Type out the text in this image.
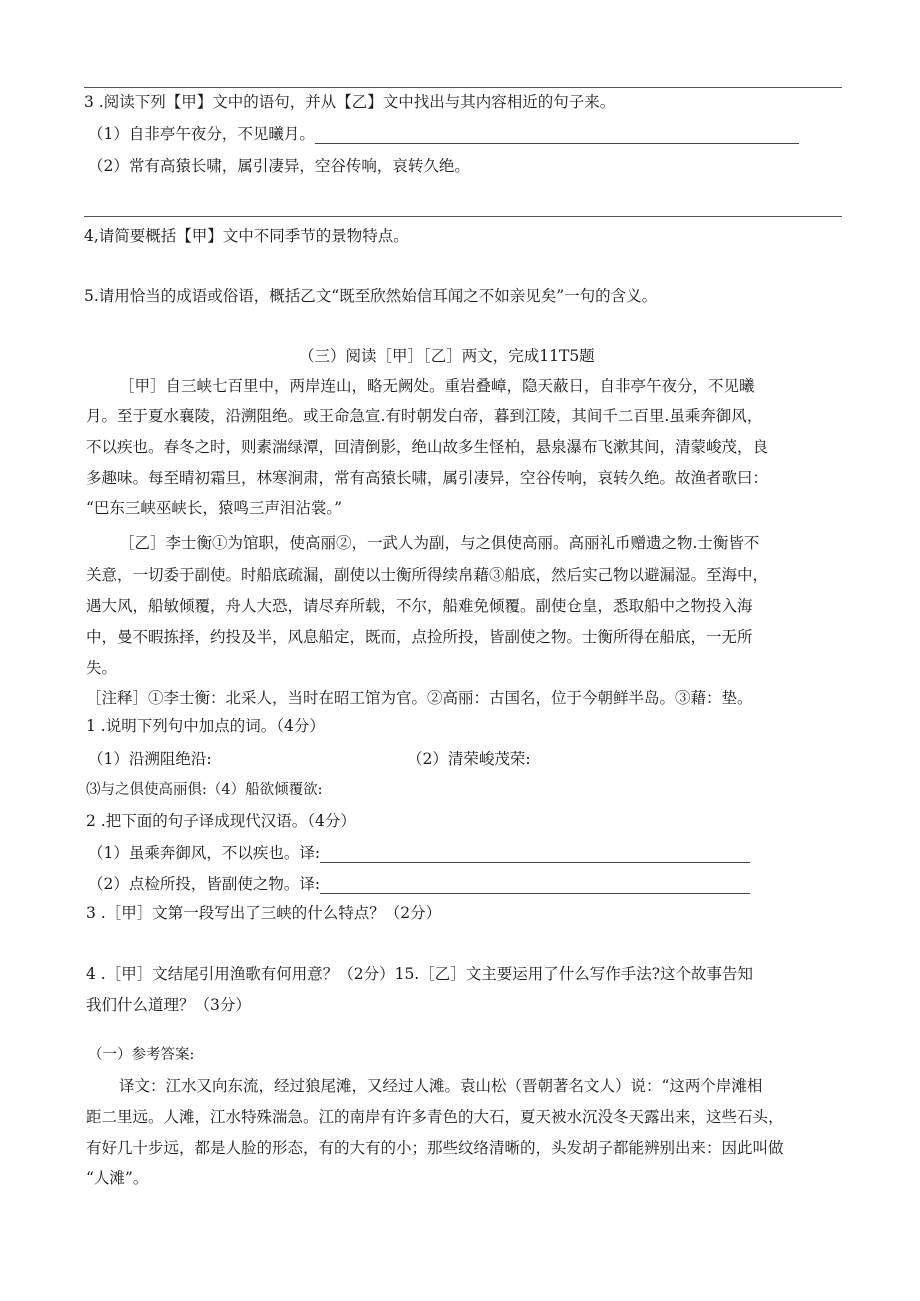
3 .阅读下列【甲】文中的语句，并从【乙】文中找出与其内容相近的句子来。
（1）自非亭午夜分，不见曦月。
（2）常有高猿长啸，属引凄异，空谷传响，哀转久绝。
4,请简要概括【甲】文中不同季节的景物特点。
5.请用恰当的成语或俗语，概括乙文“既至欣然始信耳闻之不如亲见矣”一句的含义。
（三）阅读［甲］［乙］两文，完成11T5题
［甲］自三峡七百里中，两岸连山，略无阙处。重岩叠嶂，隐天蔽日，自非亭午夜分，不见曦
月。至于夏水襄陵，沿溯阻绝。或王命急宣.有时朝发白帝，暮到江陵，其间千二百里.虽乘奔御风，
不以疾也。春冬之时，则素湍绿潭，回清倒影，绝山故多生怪柏，悬泉瀑布飞漱其间，清蒙峻茂，良
多趣味。每至晴初霜旦，林寒涧肃，常有高猿长啸，属引凄异，空谷传响，哀转久绝。故渔者歌曰：
“巴东三峡巫峡长，猿鸣三声泪沾裳。”
［乙］李士衡①为馆职，使高丽②，一武人为副，与之俱使高丽。高丽礼币赠遗之物.士衡皆不
关意，一切委于副使。时船底疏漏，副使以士衡所得续帛藉③船底，然后实己物以避漏湿。至海中，
遇大风，船敏倾覆，舟人大恐，请尽弃所载，不尔，船难免倾覆。副使仓皇，悉取船中之物投入海
中，曼不暇拣择，约投及半，风息船定，既而，点捡所投，皆副使之物。士衡所得在船底，一无所
失。
［注释］①李士衡：北采人，当时在昭工馆为官。②高丽：古国名，位于今朝鲜半岛。③藉：垫。
1 .说明下列句中加点的词。（4分）
（1）沿溯阻绝沿:	（2）清荣峻茂荣:
⑶与之俱使高丽俱:（4）船欲倾覆欲:
2 .把下面的句子译成现代汉语。（4分）
（1）虽乘奔御风，不以疾也。译:
（2）点检所投，皆副使之物。译:
3 .［甲］文第一段写出了三峡的什么特点？（2分）
4 .［甲］文结尾引用渔歌有何用意？（2分）15.［乙］文主要运用了什么写作手法?这个故事告知
我们什么道理？（3分）
（一）参考答案:
译文：江水又向东流，经过狼尾滩，又经过人滩。袁山松（晋朝著名文人）说：“这两个岸滩相
距二里远。人滩，江水特殊湍急。江的南岸有许多青色的大石，夏天被水沉没冬天露出来，这些石头，
有好几十步远，都是人脸的形态，有的大有的小；那些纹络清晰的，头发胡子都能辨别出来：因此叫做
“人滩”。
